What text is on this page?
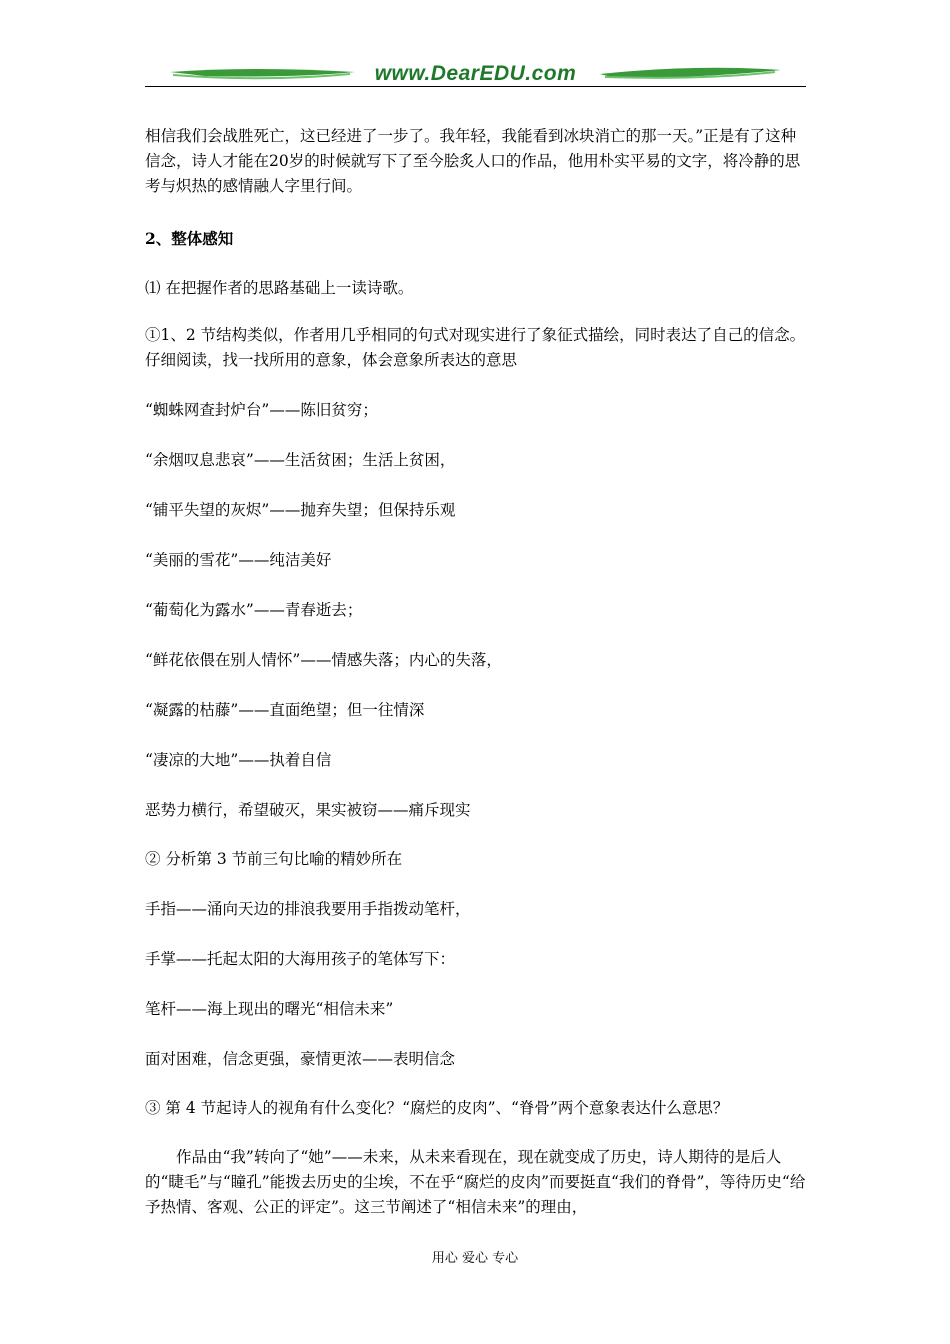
www.DearEDU.com

相信我们会战胜死亡，这已经进了一步了。我年轻，我能看到冰块消亡的那一天。”正是有了这种信念，诗人才能在20岁的时候就写下了至今脍炙人口的作品，他用朴实平易的文字，将冷静的思考与炽热的感情融人字里行间。

2、整体感知

⑴ 在把握作者的思路基础上一读诗歌。

①1、2 节结构类似，作者用几乎相同的句式对现实进行了象征式描绘，同时表达了自己的信念。仔细阅读，找一找所用的意象，体会意象所表达的意思

“蜘蛛网查封炉台”——陈旧贫穷；

“余烟叹息悲哀”——生活贫困；生活上贫困，

“铺平失望的灰烬”——抛弃失望；但保持乐观

“美丽的雪花”——纯洁美好

“葡萄化为露水”——青春逝去；

“鲜花依偎在别人情怀”——情感失落；内心的失落，

“凝露的枯藤”——直面绝望；但一往情深

“凄凉的大地”——执着自信

恶势力横行，希望破灭，果实被窃——痛斥现实

② 分析第 3 节前三句比喻的精妙所在

手指——涌向天边的排浪我要用手指拨动笔杆，

手掌——托起太阳的大海用孩子的笔体写下：

笔杆——海上现出的曙光“相信未来”

面对困难，信念更强，豪情更浓——表明信念

③ 第 4 节起诗人的视角有什么变化？“腐烂的皮肉”、“脊骨”两个意象表达什么意思？

作品由“我”转向了“她”——未来，从未来看现在，现在就变成了历史，诗人期待的是后人的“睫毛”与“瞳孔”能拨去历史的尘埃，不在乎“腐烂的皮肉”而要挺直“我们的脊骨”，等待历史“给予热情、客观、公正的评定”。这三节阐述了“相信未来”的理由，

用心 爱心 专心
